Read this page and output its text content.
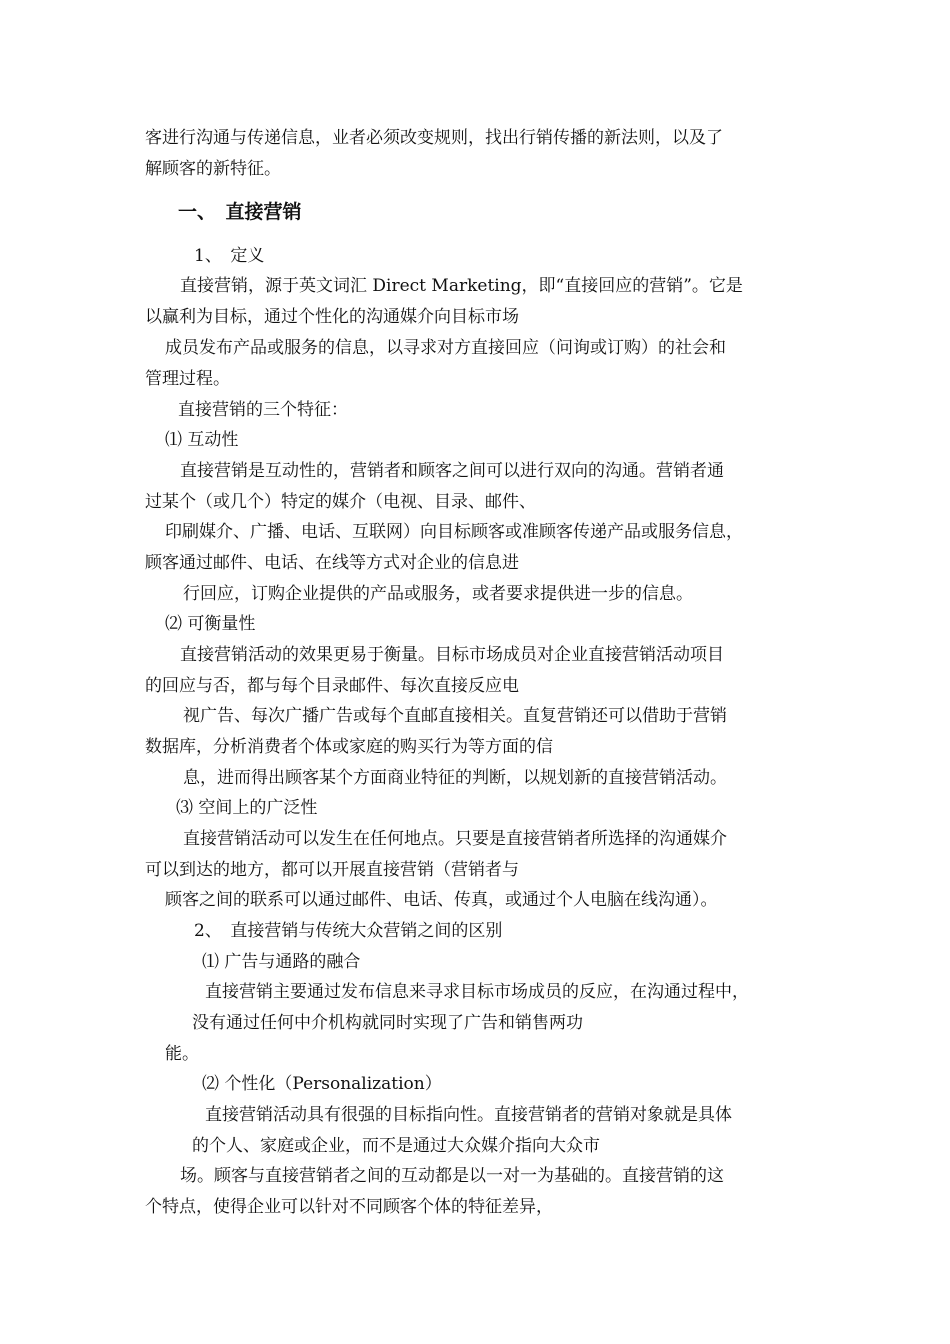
客进行沟通与传递信息，业者必须改变规则，找出行销传播的新法则，以及了
解顾客的新特征。
一、　直接营销
1、　定义
直接营销，源于英文词汇 Direct Marketing，即“直接回应的营销”。它是
以赢利为目标，通过个性化的沟通媒介向目标市场
成员发布产品或服务的信息，以寻求对方直接回应（问询或订购）的社会和
管理过程。
直接营销的三个特征：
⑴ 互动性
直接营销是互动性的，营销者和顾客之间可以进行双向的沟通。营销者通
过某个（或几个）特定的媒介（电视、目录、邮件、
印刷媒介、广播、电话、互联网）向目标顾客或准顾客传递产品或服务信息，
顾客通过邮件、电话、在线等方式对企业的信息进
行回应，订购企业提供的产品或服务，或者要求提供进一步的信息。
⑵ 可衡量性
直接营销活动的效果更易于衡量。目标市场成员对企业直接营销活动项目
的回应与否，都与每个目录邮件、每次直接反应电
视广告、每次广播广告或每个直邮直接相关。直复营销还可以借助于营销
数据库，分析消费者个体或家庭的购买行为等方面的信
息，进而得出顾客某个方面商业特征的判断，以规划新的直接营销活动。
⑶ 空间上的广泛性
直接营销活动可以发生在任何地点。只要是直接营销者所选择的沟通媒介
可以到达的地方，都可以开展直接营销（营销者与
顾客之间的联系可以通过邮件、电话、传真，或通过个人电脑在线沟通）。
2、　直接营销与传统大众营销之间的区别
⑴ 广告与通路的融合
直接营销主要通过发布信息来寻求目标市场成员的反应，在沟通过程中，
没有通过任何中介机构就同时实现了广告和销售两功
能。
⑵ 个性化（Personalization）
直接营销活动具有很强的目标指向性。直接营销者的营销对象就是具体
的个人、家庭或企业，而不是通过大众媒介指向大众市
场。顾客与直接营销者之间的互动都是以一对一为基础的。直接营销的这
个特点，使得企业可以针对不同顾客个体的特征差异，
